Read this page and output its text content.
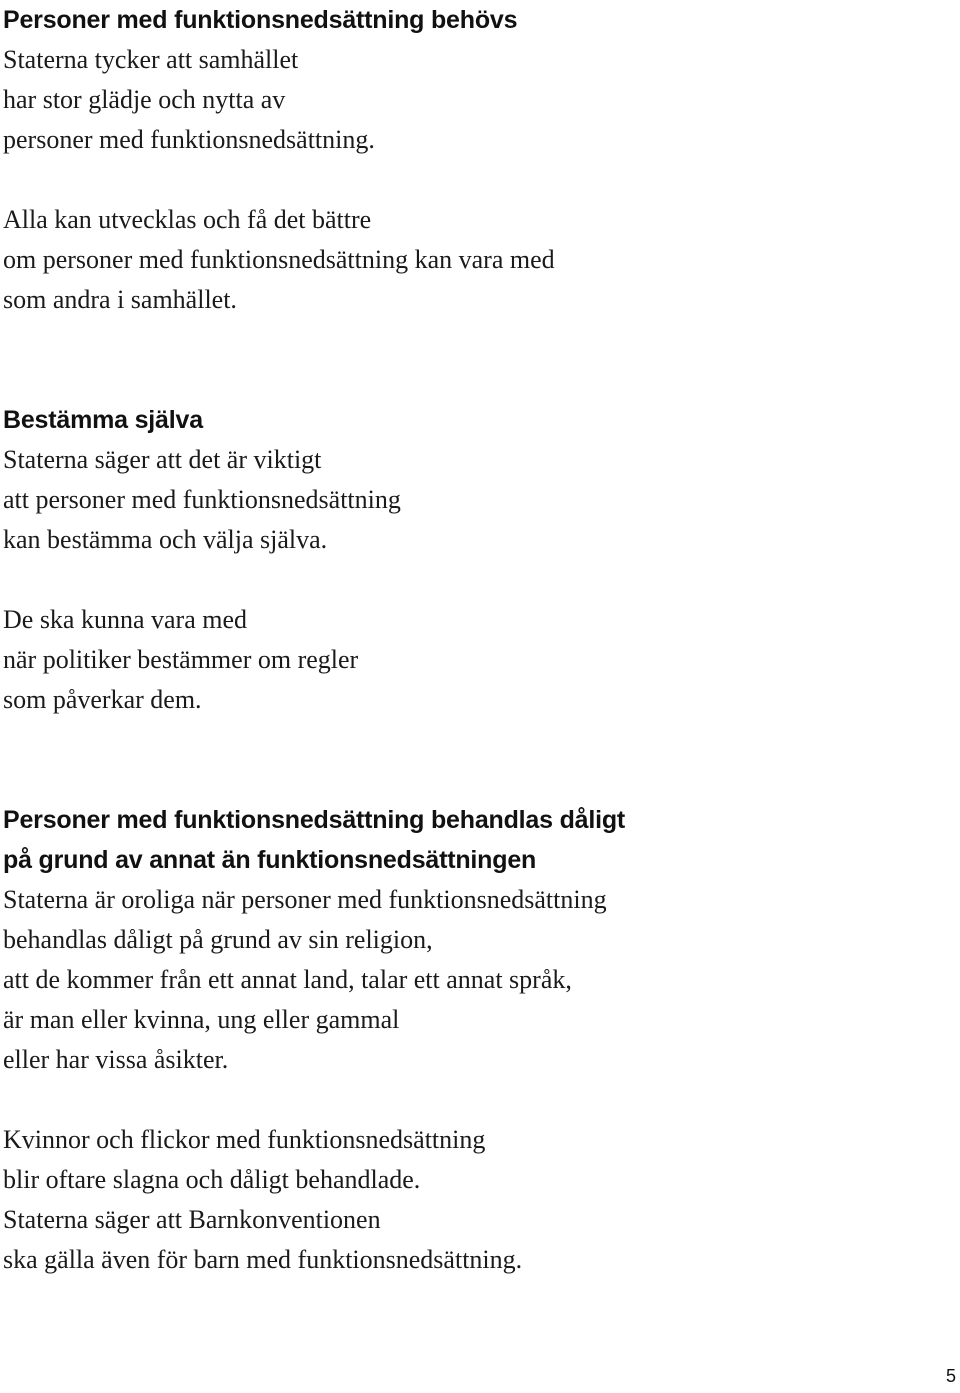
Personer med funktionsnedsättning behövs

Staterna tycker att samhället
har stor glädje och nytta av
personer med funktionsnedsättning.

Alla kan utvecklas och få det bättre
om personer med funktionsnedsättning kan vara med
som andra i samhället.

Bestämma själva

Staterna säger att det är viktigt
att personer med funktionsnedsättning
kan bestämma och välja själva.

De ska kunna vara med
när politiker bestämmer om regler
som påverkar dem.

Personer med funktionsnedsättning behandlas dåligt
på grund av annat än funktionsnedsättningen

Staterna är oroliga när personer med funktionsnedsättning
behandlas dåligt på grund av sin religion,
att de kommer från ett annat land, talar ett annat språk,
är man eller kvinna, ung eller gammal
eller har vissa åsikter.

Kvinnor och flickor med funktionsnedsättning
blir oftare slagna och dåligt behandlade.
Staterna säger att Barnkonventionen
ska gälla även för barn med funktionsnedsättning.

5
